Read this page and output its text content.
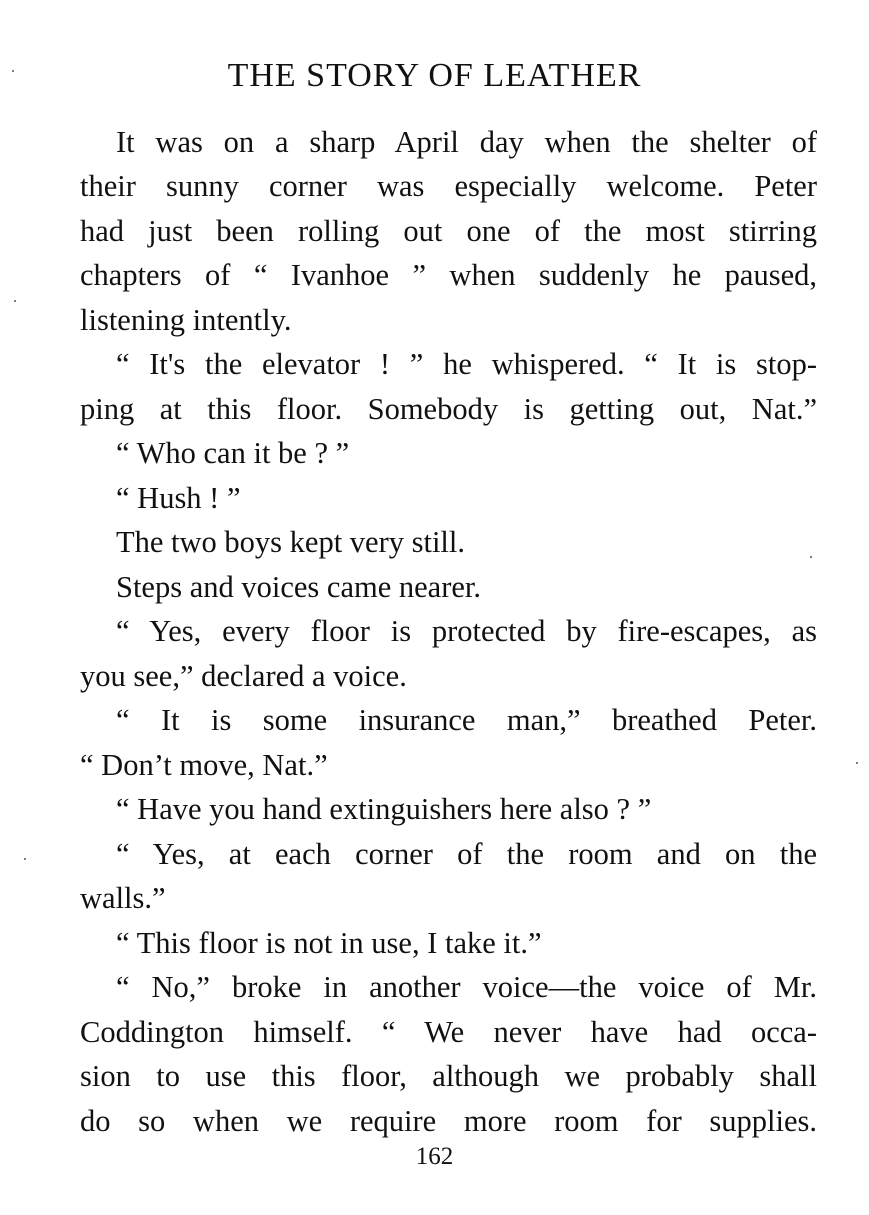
THE STORY OF LEATHER
It was on a sharp April day when the shelter of
their sunny corner was especially welcome. Peter
had just been rolling out one of the most stirring
chapters of “ Ivanhoe ” when suddenly he paused,
listening intently.
“ It's the elevator ! ” he whispered. “ It is stop-
ping at this floor. Somebody is getting out, Nat.”
“ Who can it be ? ”
“ Hush ! ”
The two boys kept very still.
Steps and voices came nearer.
“ Yes, every floor is protected by fire-escapes, as
you see,” declared a voice.
“ It is some insurance man,” breathed Peter.
“ Don’t move, Nat.”
“ Have you hand extinguishers here also ? ”
“ Yes, at each corner of the room and on the
walls.”
“ This floor is not in use, I take it.”
“ No,” broke in another voice—the voice of Mr.
Coddington himself. “ We never have had occa-
sion to use this floor, although we probably shall
do so when we require more room for supplies.
162
